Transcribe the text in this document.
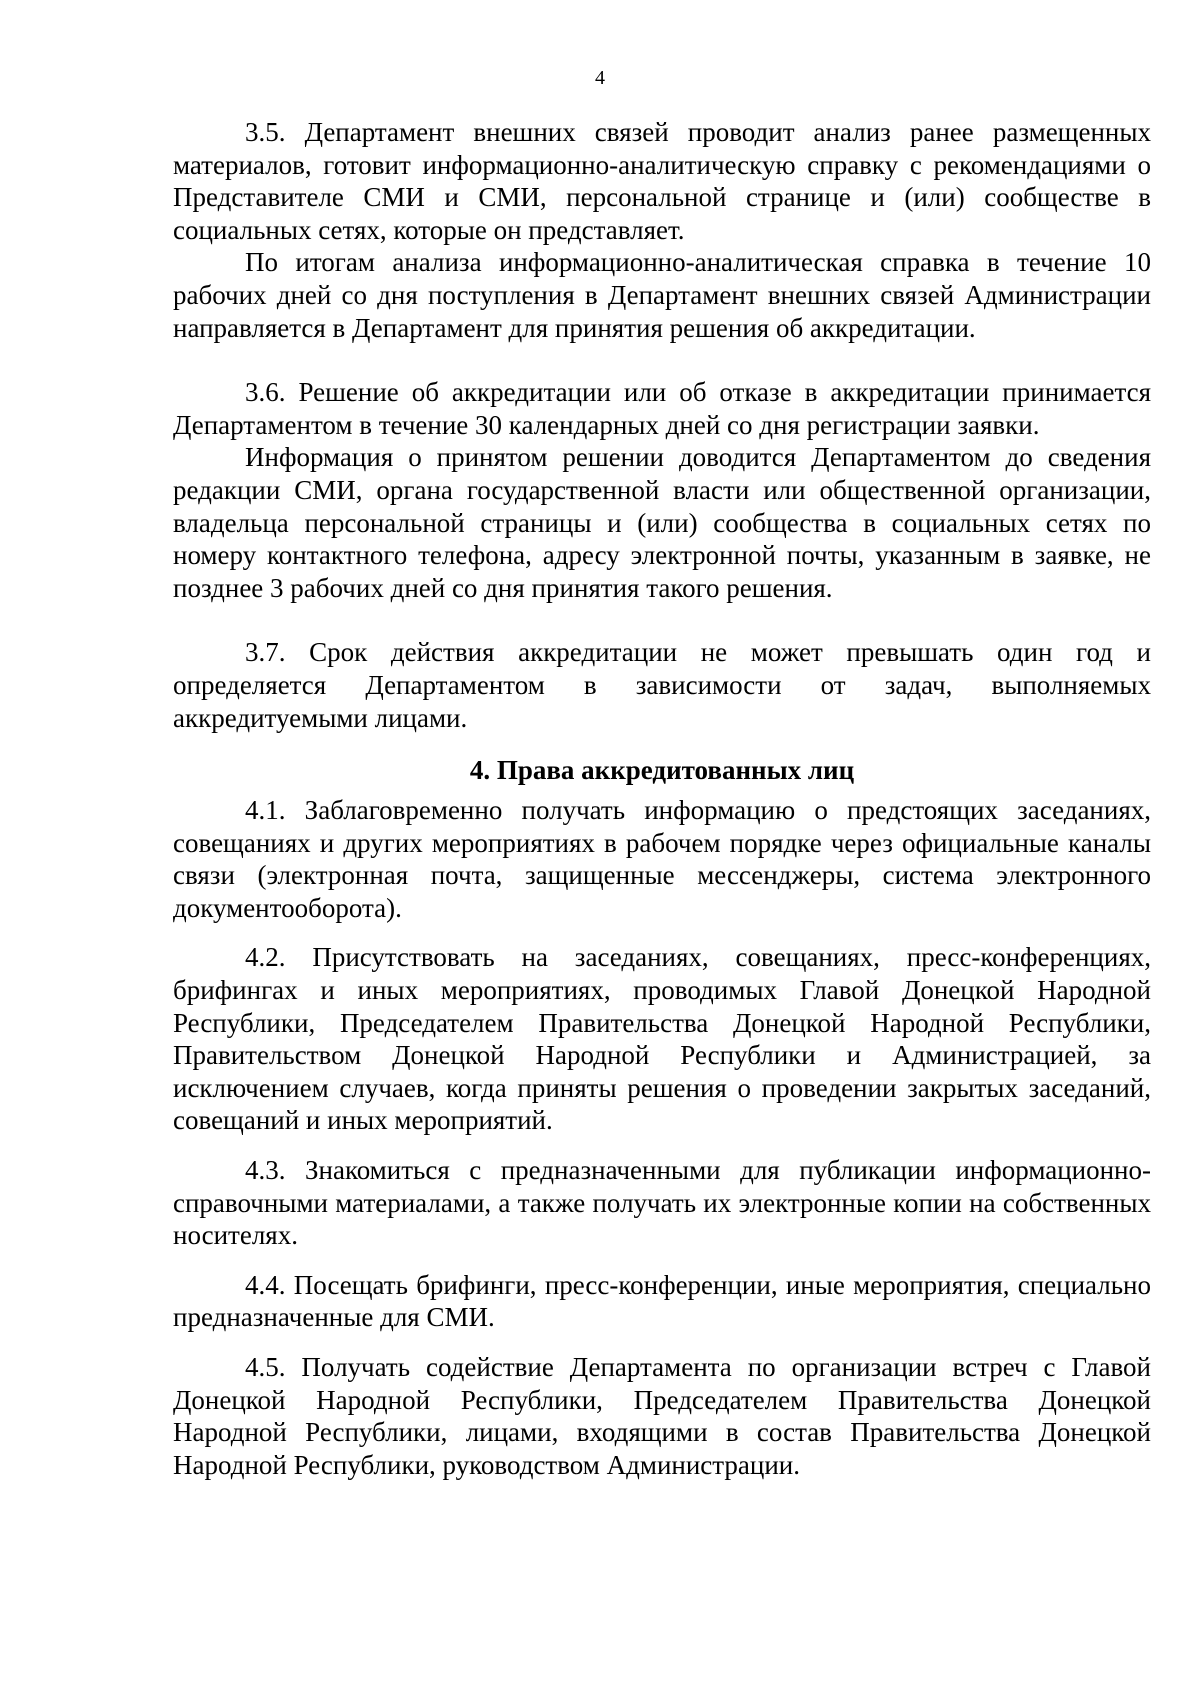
4

3.5. Департамент внешних связей проводит анализ ранее размещенных материалов, готовит информационно-аналитическую справку с рекомендациями о Представителе СМИ и СМИ, персональной странице и (или) сообществе в социальных сетях, которые он представляет.

По итогам анализа информационно-аналитическая справка в течение 10 рабочих дней со дня поступления в Департамент внешних связей Администрации направляется в Департамент для принятия решения об аккредитации.

3.6. Решение об аккредитации или об отказе в аккредитации принимается Департаментом в течение 30 календарных дней со дня регистрации заявки.

Информация о принятом решении доводится Департаментом до сведения редакции СМИ, органа государственной власти или общественной организации, владельца персональной страницы и (или) сообщества в социальных сетях по номеру контактного телефона, адресу электронной почты, указанным в заявке, не позднее 3 рабочих дней со дня принятия такого решения.

3.7. Срок действия аккредитации не может превышать один год и определяется Департаментом в зависимости от задач, выполняемых аккредитуемыми лицами.

4. Права аккредитованных лиц

4.1. Заблаговременно получать информацию о предстоящих заседаниях, совещаниях и других мероприятиях в рабочем порядке через официальные каналы связи (электронная почта, защищенные мессенджеры, система электронного документооборота).

4.2. Присутствовать на заседаниях, совещаниях, пресс-конференциях, брифингах и иных мероприятиях, проводимых Главой Донецкой Народной Республики, Председателем Правительства Донецкой Народной Республики, Правительством Донецкой Народной Республики и Администрацией, за исключением случаев, когда приняты решения о проведении закрытых заседаний, совещаний и иных мероприятий.

4.3. Знакомиться с предназначенными для публикации информационно-справочными материалами, а также получать их электронные копии на собственных носителях.

4.4. Посещать брифинги, пресс-конференции, иные мероприятия, специально предназначенные для СМИ.

4.5. Получать содействие Департамента по организации встреч с Главой Донецкой Народной Республики, Председателем Правительства Донецкой Народной Республики, лицами, входящими в состав Правительства Донецкой Народной Республики, руководством Администрации.
